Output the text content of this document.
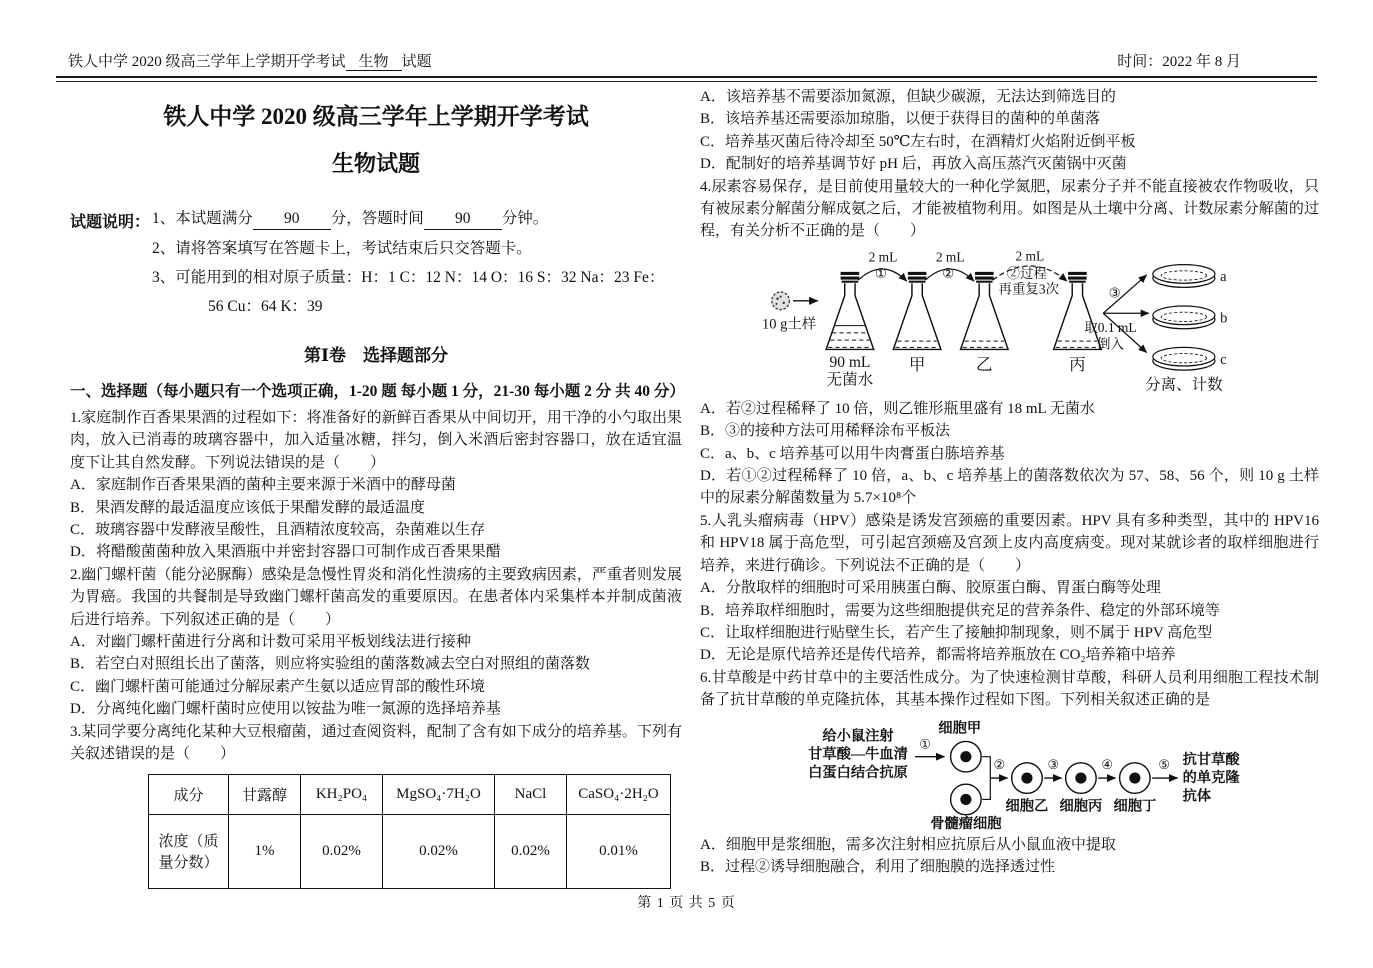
铁人中学 2020 级高三学年上学期开学考试 生物 试题	时间：2022 年 8 月
铁人中学 2020 级高三学年上学期开学考试
生物试题
试题说明： 1、本试题满分 90 分，答题时间 90 分钟。
2、请将答案填写在答题卡上，考试结束后只交答题卡。
3、可能用到的相对原子质量：H：1 C：12 N：14 O：16 S：32 Na：23 Fe：
56 Cu：64 K：39
第Ⅰ卷　选择题部分
一、选择题（每小题只有一个选项正确，1-20 题 每小题 1 分，21-30 每小题 2 分 共 40 分）
1.家庭制作百香果果酒的过程如下：将准备好的新鲜百香果从中间切开，用干净的小勺取出果肉，放入已消毒的玻璃容器中，加入适量冰糖，拌匀，倒入米酒后密封容器口，放在适宜温度下让其自然发酵。下列说法错误的是（　　）
A．家庭制作百香果果酒的菌种主要来源于米酒中的酵母菌
B．果酒发酵的最适温度应该低于果醋发酵的最适温度
C．玻璃容器中发酵液呈酸性，且酒精浓度较高，杂菌难以生存
D．将醋酸菌菌种放入果酒瓶中并密封容器口可制作成百香果果醋
2.幽门螺杆菌（能分泌脲酶）感染是急慢性胃炎和消化性溃疡的主要致病因素，严重者则发展为胃癌。我国的共餐制是导致幽门螺杆菌高发的重要原因。在患者体内采集样本并制成菌液后进行培养。下列叙述正确的是（　　）
A．对幽门螺杆菌进行分离和计数可采用平板划线法进行接种
B．若空白对照组长出了菌落，则应将实验组的菌落数减去空白对照组的菌落数
C．幽门螺杆菌可能通过分解尿素产生氨以适应胃部的酸性环境
D．分离纯化幽门螺杆菌时应使用以铵盐为唯一氮源的选择培养基
3.某同学要分离纯化某种大豆根瘤菌，通过查阅资料，配制了含有如下成分的培养基。下列有关叙述错误的是（　　）
成分	甘露醇	KH₂PO₄	MgSO₄·7H₂O	NaCl	CaSO₄·2H₂O
浓度（质量分数）	1%	0.02%	0.02%	0.02%	0.01%
A．该培养基不需要添加氮源，但缺少碳源，无法达到筛选目的
B．该培养基还需要添加琼脂，以便于获得目的菌种的单菌落
C．培养基灭菌后待冷却至 50℃左右时，在酒精灯火焰附近倒平板
D．配制好的培养基调节好 pH 后，再放入高压蒸汽灭菌锅中灭菌
4.尿素容易保存，是目前使用量较大的一种化学氮肥，尿素分子并不能直接被农作物吸收，只有被尿素分解菌分解成氨之后，才能被植物利用。如图是从土壤中分离、计数尿素分解菌的过程，有关分析不正确的是（　　）
10 g土样
90 mL
无菌水
甲	乙	丙
2 mL
①
2 mL
②
2 mL
②过程
再重复3次	③
取0.1 mL
倒入
a
b
c
分离、计数
A．若②过程稀释了 10 倍，则乙锥形瓶里盛有 18 mL 无菌水
B．③的接种方法可用稀释涂布平板法
C．a、b、c 培养基可以用牛肉膏蛋白胨培养基
D．若①②过程稀释了 10 倍，a、b、c 培养基上的菌落数依次为 57、58、56 个，则 10 g 土样中的尿素分解菌数量为 5.7×10⁸个
5.人乳头瘤病毒（HPV）感染是诱发宫颈癌的重要因素。HPV 具有多种类型，其中的 HPV16 和 HPV18 属于高危型，可引起宫颈癌及宫颈上皮内高度病变。现对某就诊者的取样细胞进行培养，来进行确诊。下列说法不正确的是（　　）
A．分散取样的细胞时可采用胰蛋白酶、胶原蛋白酶、胃蛋白酶等处理
B．培养取样细胞时，需要为这些细胞提供充足的营养条件、稳定的外部环境等
C．让取样细胞进行贴壁生长，若产生了接触抑制现象，则不属于 HPV 高危型
D．无论是原代培养还是传代培养，都需将培养瓶放在 CO₂培养箱中培养
6.甘草酸是中药甘草中的主要活性成分。为了快速检测甘草酸，科研人员利用细胞工程技术制备了抗甘草酸的单克隆抗体，其基本操作过程如下图。下列相关叙述正确的是
给小鼠注射
甘草酸—牛血清
白蛋白结合抗原
①
细胞甲
骨髓瘤细胞
②
细胞乙
③
细胞丙
④
细胞丁
⑤ 抗甘草酸
的单克隆
抗体
A．细胞甲是浆细胞，需多次注射相应抗原后从小鼠血液中提取
B．过程②诱导细胞融合，利用了细胞膜的选择透过性
第 1 页 共 5 页
